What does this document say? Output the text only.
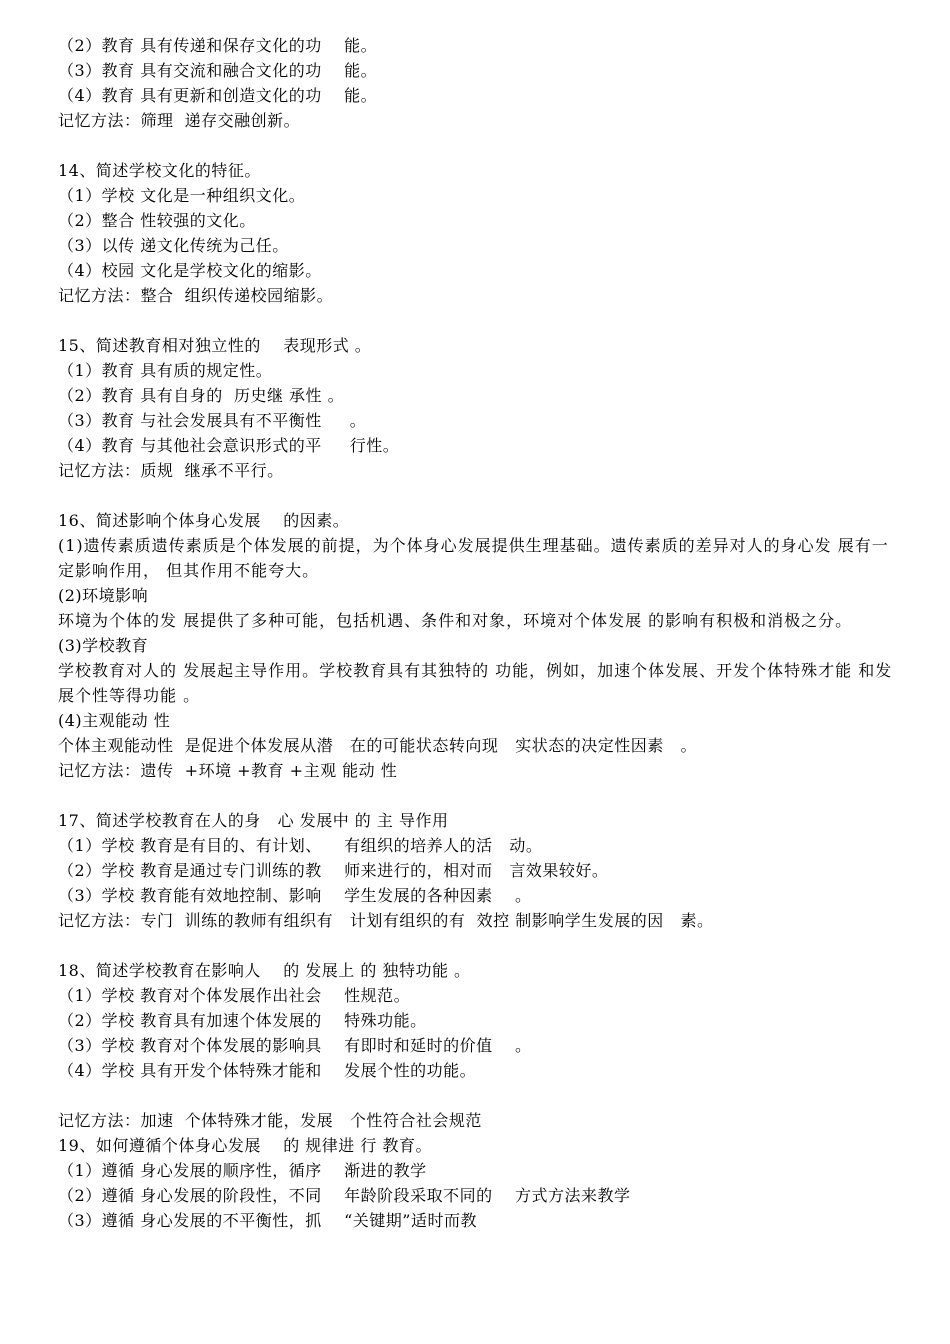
（2）教育 具有传递和保存文化的功    能。
（3）教育 具有交流和融合文化的功    能。
（4）教育 具有更新和创造文化的功    能。
记忆方法：筛理  递存交融创新。
14、简述学校文化的特征。
（1）学校 文化是一种组织文化。
（2）整合 性较强的文化。
（3）以传 递文化传统为己任。
（4）校园 文化是学校文化的缩影。
记忆方法：整合  组织传递校园缩影。
15、简述教育相对独立性的    表现形式 。
（1）教育 具有质的规定性。
（2）教育 具有自身的  历史继 承性 。
（3）教育 与社会发展具有不平衡性     。
（4）教育 与其他社会意识形式的平     行性。
记忆方法：质规  继承不平行。
16、简述影响个体身心发展    的因素。
(1)遗传素质遗传素质是个体发展的前提，为个体身心发展提供生理基础。遗传素质的差异对人的身心发 展有一定影响作用， 但其作用不能夸大。
(2)环境影响
环境为个体的发 展提供了多种可能，包括机遇、条件和对象，环境对个体发展 的影响有积极和消极之分。
(3)学校教育
学校教育对人的 发展起主导作用。学校教育具有其独特的 功能，例如，加速个体发展、开发个体特殊才能 和发展个性等得功能 。
(4)主观能动 性
个体主观能动性  是促进个体发展从潜   在的可能状态转向现   实状态的决定性因素   。
记忆方法：遗传  +环境 +教育 +主观 能动 性
17、简述学校教育在人的身   心 发展中 的 主 导作用
（1）学校 教育是有目的、有计划、    有组织的培养人的活   动。
（2）学校 教育是通过专门训练的教    师来进行的，相对而   言效果较好。
（3）学校 教育能有效地控制、影响    学生发展的各种因素    。
记忆方法：专门  训练的教师有组织有   计划有组织的有  效控 制影响学生发展的因   素。
18、简述学校教育在影响人    的 发展上 的 独特功能 。
（1）学校 教育对个体发展作出社会    性规范。
（2）学校 教育具有加速个体发展的    特殊功能。
（3）学校 教育对个体发展的影响具    有即时和延时的价值    。
（4）学校 具有开发个体特殊才能和    发展个性的功能。
记忆方法：加速  个体特殊才能，发展   个性符合社会规范
19、如何遵循个体身心发展    的 规律进 行 教育。
（1）遵循 身心发展的顺序性，循序    渐进的教学
（2）遵循 身心发展的阶段性，不同    年龄阶段采取不同的    方式方法来教学
（3）遵循 身心发展的不平衡性，抓    “关键期”适时而教
